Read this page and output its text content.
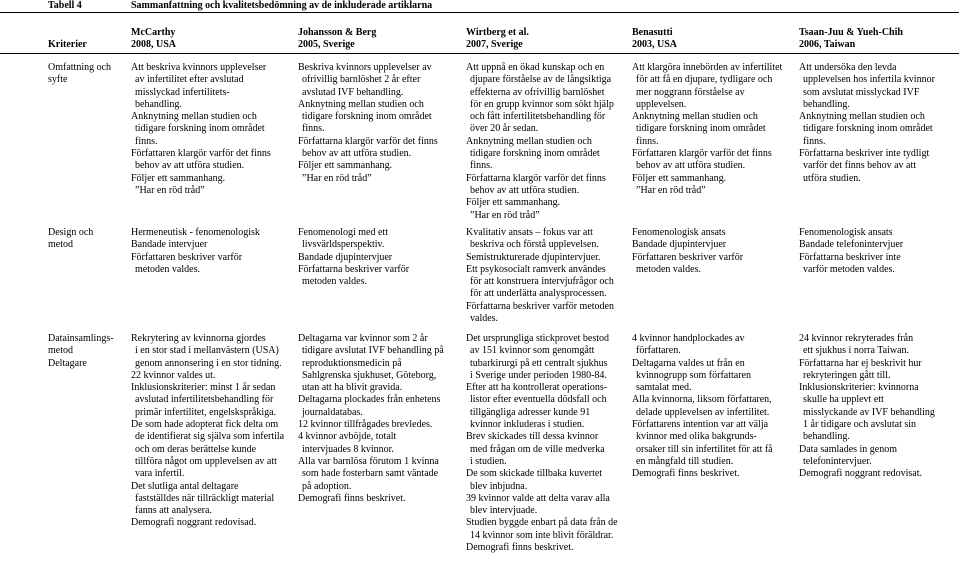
Tabell 4	Sammanfattning och kvalitetsbedömning av de inkluderade artiklarna
Kriterier
McCarthy
2008, USA
Johansson & Berg
2005, Sverige
Wirtberg et al.
2007, Sverige
Benasutti
2003, USA
Tsaan-Juu & Yueh-Chih
2006, Taiwan
Omfattning och
syfte
Att beskriva kvinnors upplevelser
av infertilitet efter avslutad
misslyckad infertilitets-
behandling.
Anknytning mellan studien och
tidigare forskning inom området
finns.
Författaren klargör varför det finns
behov av att utföra studien.
Följer ett sammanhang.
”Har en röd tråd”
Beskriva kvinnors upplevelser av
ofrivillig barnlöshet 2 år efter
avslutad IVF behandling.
Anknytning mellan studien och
tidigare forskning inom området
finns.
Författarna klargör varför det finns
behov av att utföra studien.
Följer ett sammanhang.
”Har en röd tråd”
Att uppnå en ökad kunskap och en
djupare förståelse av de långsiktiga
effekterna av ofrivillig barnlöshet
för en grupp kvinnor som sökt hjälp
och fått infertilitetsbehandling för
över 20 år sedan.
Anknytning mellan studien och
tidigare forskning inom området
finns.
Författarna klargör varför det finns
behov av att utföra studien.
Följer ett sammanhang.
”Har en röd tråd”
Att klargöra innebörden av infertilitet
för att få en djupare, tydligare och
mer noggrann förståelse av
upplevelsen.
Anknytning mellan studien och
tidigare forskning inom området
finns.
Författaren klargör varför det finns
behov av att utföra studien.
Följer ett sammanhang.
”Har en röd tråd”
Att undersöka den levda
upplevelsen hos infertila kvinnor
som avslutat misslyckad IVF
behandling.
Anknytning mellan studien och
tidigare forskning inom området
finns.
Författarna beskriver inte tydligt
varför det finns behov av att
utföra studien.
Design och
metod
Hermeneutisk - fenomenologisk
Bandade intervjuer
Författaren beskriver varför
metoden valdes.
Fenomenologi med ett
livsvärldsperspektiv.
Bandade djupintervjuer
Författarna beskriver varför
metoden valdes.
Kvalitativ ansats – fokus var att
beskriva och förstå upplevelsen.
Semistrukturerade djupintervjuer.
Ett psykosocialt ramverk användes
för att konstruera intervjufrågor och
för att underlätta analysprocessen.
Författarna beskriver varför metoden
valdes.
Fenomenologisk ansats
Bandade djupintervjuer
Författaren beskriver varför
metoden valdes.
Fenomenologisk ansats
Bandade telefonintervjuer
Författarna beskriver inte
varför metoden valdes.
Datainsamlings-
metod
Deltagare
Rekrytering av kvinnorna gjordes
i en stor stad i mellanvästern (USA)
genom annonsering i en stor tidning.
22 kvinnor valdes ut.
Inklusionskriterier: minst 1 år sedan
avslutad infertilitetsbehandling för
primär infertilitet, engelskspråkiga.
De som hade adopterat fick delta om
de identifierat sig själva som infertila
och om deras berättelse kunde
tillföra något om upplevelsen av att
vara infertil.
Det slutliga antal deltagare
fastställdes när tillräckligt material
fanns att analysera.
Demografi noggrant redovisad.
Deltagarna var kvinnor som 2 år
tidigare avslutat IVF behandling på
reproduktionsmedicin på
Sahlgrenska sjukhuset, Göteborg,
utan att ha blivit gravida.
Deltagarna plockades från enhetens
journaldatabas.
12 kvinnor tillfrågades brevledes.
4 kvinnor avböjde, totalt
intervjuades 8 kvinnor.
Alla var barnlösa förutom 1 kvinna
som hade fosterbarn samt väntade
på adoption.
Demografi finns beskrivet.
Det ursprungliga stickprovet bestod
av 151 kvinnor som genomgått
tubarkirurgi på ett centralt sjukhus
i Sverige under perioden 1980-84.
Efter att ha kontrollerat operations-
listor efter eventuella dödsfall och
tillgängliga adresser kunde 91
kvinnor inkluderas i studien.
Brev skickades till dessa kvinnor
med frågan om de ville medverka
i studien.
De som skickade tillbaka kuvertet
blev inbjudna.
39 kvinnor valde att delta varav alla
blev intervjuade.
Studien byggde enbart på data från de
14 kvinnor som inte blivit föräldrar.
Demografi finns beskrivet.
4 kvinnor handplockades av
författaren.
Deltagarna valdes ut från en
kvinnogrupp som författaren
samtalat med.
Alla kvinnorna, liksom författaren,
delade upplevelsen av infertilitet.
Författarens intention var att välja
kvinnor med olika bakgrunds-
orsaker till sin infertilitet för att få
en mångfald till studien.
Demografi finns beskrivet.
24 kvinnor rekryterades från
ett sjukhus i norra Taiwan.
Författarna har ej beskrivit hur
rekryteringen gått till.
Inklusionskriterier: kvinnorna
skulle ha upplevt ett
misslyckande av IVF behandling
1 år tidigare och avslutat sin
behandling.
Data samlades in genom
telefonintervjuer.
Demografi noggrant redovisat.
